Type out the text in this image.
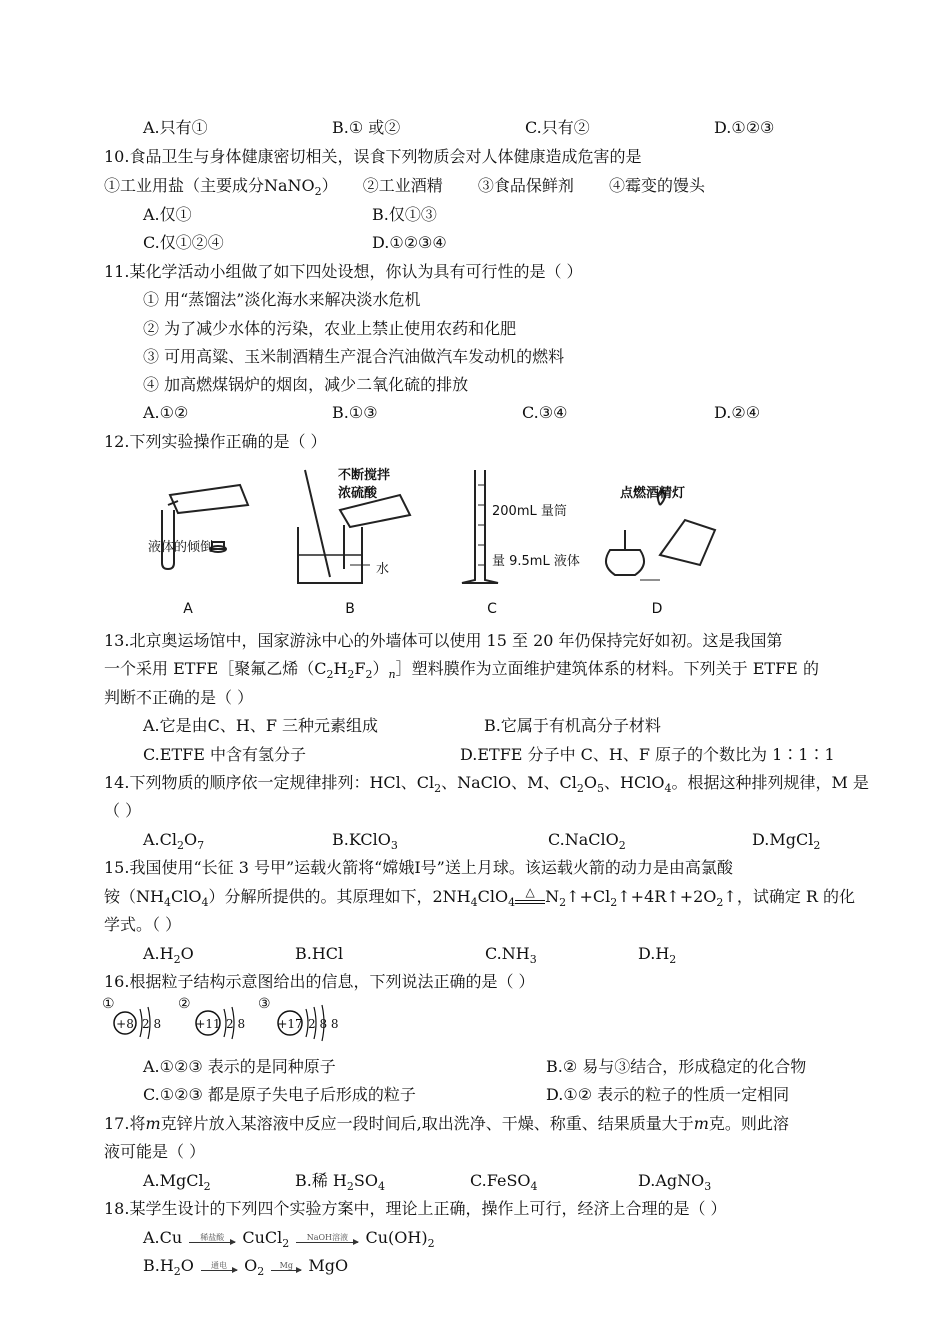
A.只有①	B.① 或②	C.只有②	D.①②③
10.食品卫生与身体健康密切相关，误食下列物质会对人体健康造成危害的是
①工业用盐（主要成分NaNO$_2$） ②工业酒精 ③食品保鲜剂 ④霉变的馒头
A.仅①	B.仅①③
C.仅①②④	D.①②③④
11.某化学活动小组做了如下四处设想，你认为具有可行性的是（ ）
① 用“蒸馏法”淡化海水来解决淡水危机
② 为了减少水体的污染，农业上禁止使用农药和化肥
③ 可用高粱、玉米制酒精生产混合汽油做汽车发动机的燃料
④ 加高燃煤锅炉的烟囱，减少二氧化硫的排放
A.①②	B.①③	C.③④	D.②④
12.下列实验操作正确的是（ ）
液体的倾倒
不断搅拌
浓硫酸
水
200mL 量筒
量 9.5mL 液体
点燃酒精灯
A	B	C	D
13.北京奥运场馆中，国家游泳中心的外墙体可以使用 15 至 20 年仍保持完好如初。这是我国第
一个采用 ETFE［聚氟乙烯$(C_2H_2F_2)_n]$塑料膜作为立面维护建筑体系的材料。下列关于 ETFE 的
判断不正确的是（ ）
A.它是由C、H、F 三种元素组成	B.它属于有机高分子材料
C.ETFE 中含有氢分子	D.ETFE 分子中 C、H、F 原子的个数比为 1∶1∶1
14.下列物质的顺序依一定规律排列：HCl、$Cl_2$、NaClO、M、$Cl_2O_5$、HClO$_4$。根据这种排列规律，M 是
（ ）
$A.Cl_2O_7$	B.KClO$_3$	C.NaClO$_2$	D.MgCl$_2$
15.我国使用“长征 3 号甲”运载火箭将“嫦娥Ⅰ号”送上月球。该运载火箭的动力是由高氯酸
铵$(NH_4ClO_4)$分解所提供的。其原理如下，$2NH_4ClO_4^\triangle$ $N_2↑+Cl_2↑+4R↑+2O_2↑$，试确定 R 的化
学式。（ ）
$A.H_2O$	B.HCl	$C.NH_3$	$D.H_2$
16.根据粒子结构示意图给出的信息，下列说法正确的是（ ）
①
+8 2 8
②
+11 2 8
③
+17 2 8 8
A.①②③ 表示的是同种原子	B.② 易与③结合，形成稳定的化合物
C.①②③ 都是原子失电子后形成的粒子	D.①② 表示的粒子的性质一定相同
17.将m克锌片放入某溶液中反应一段时间后,取出洗净、干燥、称重、结果质量大于m克。则此溶
液可能是（ ）
A.MgCl$_2$	B.稀 $H_2SO_4$	C.FeSO$_4$	D.AgNO$_3$
18.某学生设计的下列四个实验方案中，理论上正确，操作上可行，经济上合理的是（ ）
A.Cu	稀盐酸	CuCl$_2$	NaOH溶液	$Cu(OH)_2$
$B.H_2O$	通电	$O_2$	Mg MgO
